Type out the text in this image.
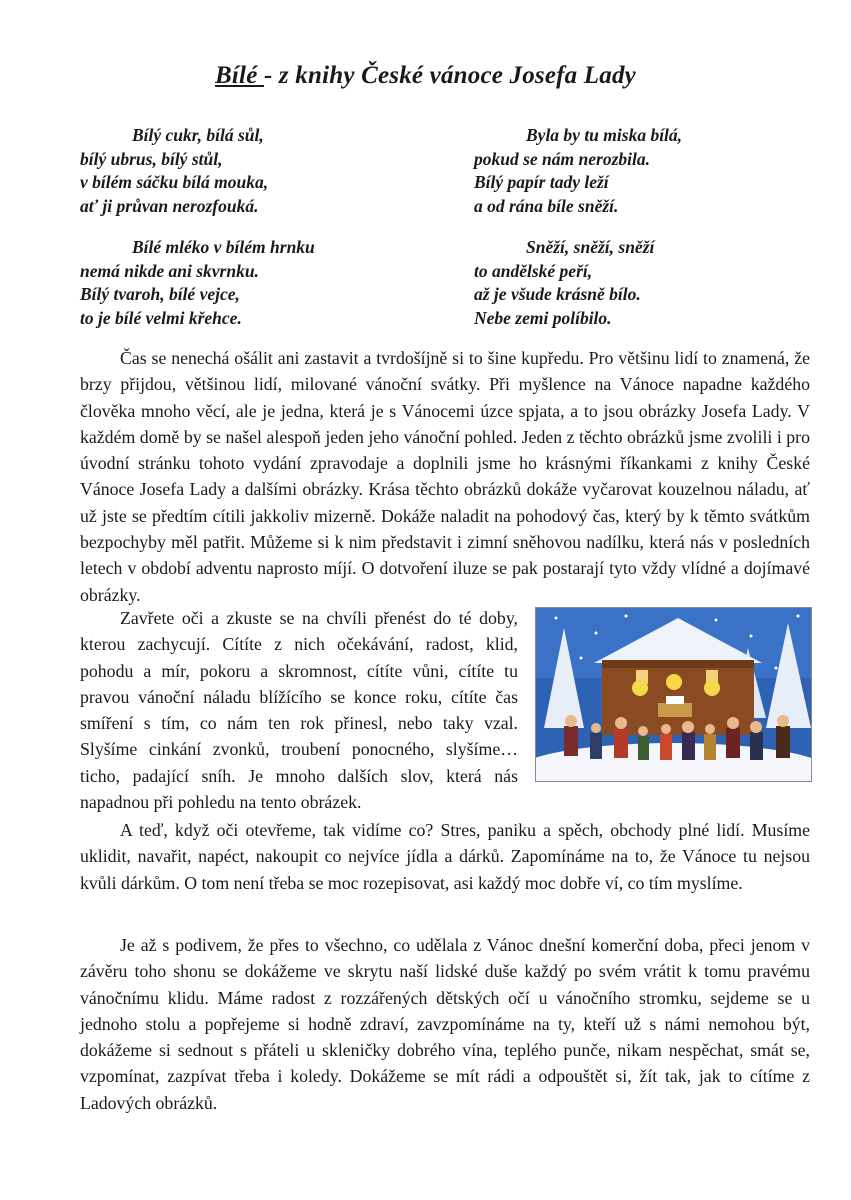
Bílé - z knihy České vánoce Josefa Lady
Bílý cukr, bílá sůl,
bílý ubrus, bílý stůl,
v bílém sáčku bílá mouka,
ať ji průvan nerozfouká.
Bílé mléko v bílém hrnku
nemá nikde ani skvrnku.
Bílý tvaroh, bílé vejce,
to je bílé velmi křehce.
Byla by tu miska bílá,
pokud se nám nerozbila.
Bílý papír tady leží
a od rána bíle sněží.
Sněží, sněží, sněží
to andělské peří,
až je všude krásně bílo.
Nebe zemi políbilo.

Čas se nenechá ošálit ani zastavit a tvrdošíjně si to šine kupředu. Pro většinu lidí to znamená, že brzy přijdou, většinou lidí, milované vánoční svátky. Při myšlence na Vánoce napadne každého člověka mnoho věcí, ale je jedna, která je s Vánocemi úzce spjata, a to jsou obrázky Josefa Lady. V každém domě by se našel alespoň jeden jeho vánoční pohled. Jeden z těchto obrázků jsme zvolili i pro úvodní stránku tohoto vydání zpravodaje a doplnili jsme ho krásnými říkankami z knihy České Vánoce Josefa Lady a dalšími obrázky. Krása těchto obrázků dokáže vyčarovat kouzelnou náladu, ať už jste se předtím cítili jakkoliv mizerně. Dokáže naladit na pohodový čas, který by k těmto svátkům bezpochyby měl patřit. Můžeme si k nim představit i zimní sněhovou nadílku, která nás v posledních letech v období adventu naprosto míjí. O dotvoření iluze se pak postarají tyto vždy vlídné a dojímavé obrázky.

Zavřete oči a zkuste se na chvíli přenést do té doby, kterou zachycují. Cítíte z nich očekávání, radost, klid, pohodu a mír, pokoru a skromnost, cítíte vůni, cítíte tu pravou vánoční náladu blížícího se konce roku, cítíte čas smíření s tím, co nám ten rok přinesl, nebo taky vzal. Slyšíme cinkání zvonků, troubení ponocného, slyšíme… ticho, padající sníh. Je mnoho dalších slov, která nás napadnou při pohledu na tento obrázek.

A teď, když oči otevřeme, tak vidíme co? Stres, paniku a spěch, obchody plné lidí. Musíme uklidit, navařit, napéct, nakoupit co nejvíce jídla a dárků. Zapomínáme na to, že Vánoce tu nejsou kvůli dárkům. O tom není třeba se moc rozepisovat, asi každý moc dobře ví, co tím myslíme.

Je až s podivem, že přes to všechno, co udělala z Vánoc dnešní komerční doba, přeci jenom v závěru toho shonu se dokážeme ve skrytu naší lidské duše každý po svém vrátit k tomu pravému vánočnímu klidu. Máme radost z rozzářených dětských očí u vánočního stromku, sejdeme se u jednoho stolu a popřejeme si hodně zdraví, zavzpomínáme na ty, kteří už s námi nemohou být, dokážeme si sednout s přáteli u skleničky dobrého vína, teplého punče, nikam nespěchat, smát se, vzpomínat, zazpívat třeba i koledy. Dokážeme se mít rádi a odpouštět si, žít tak, jak to cítíme z Ladových obrázků.
